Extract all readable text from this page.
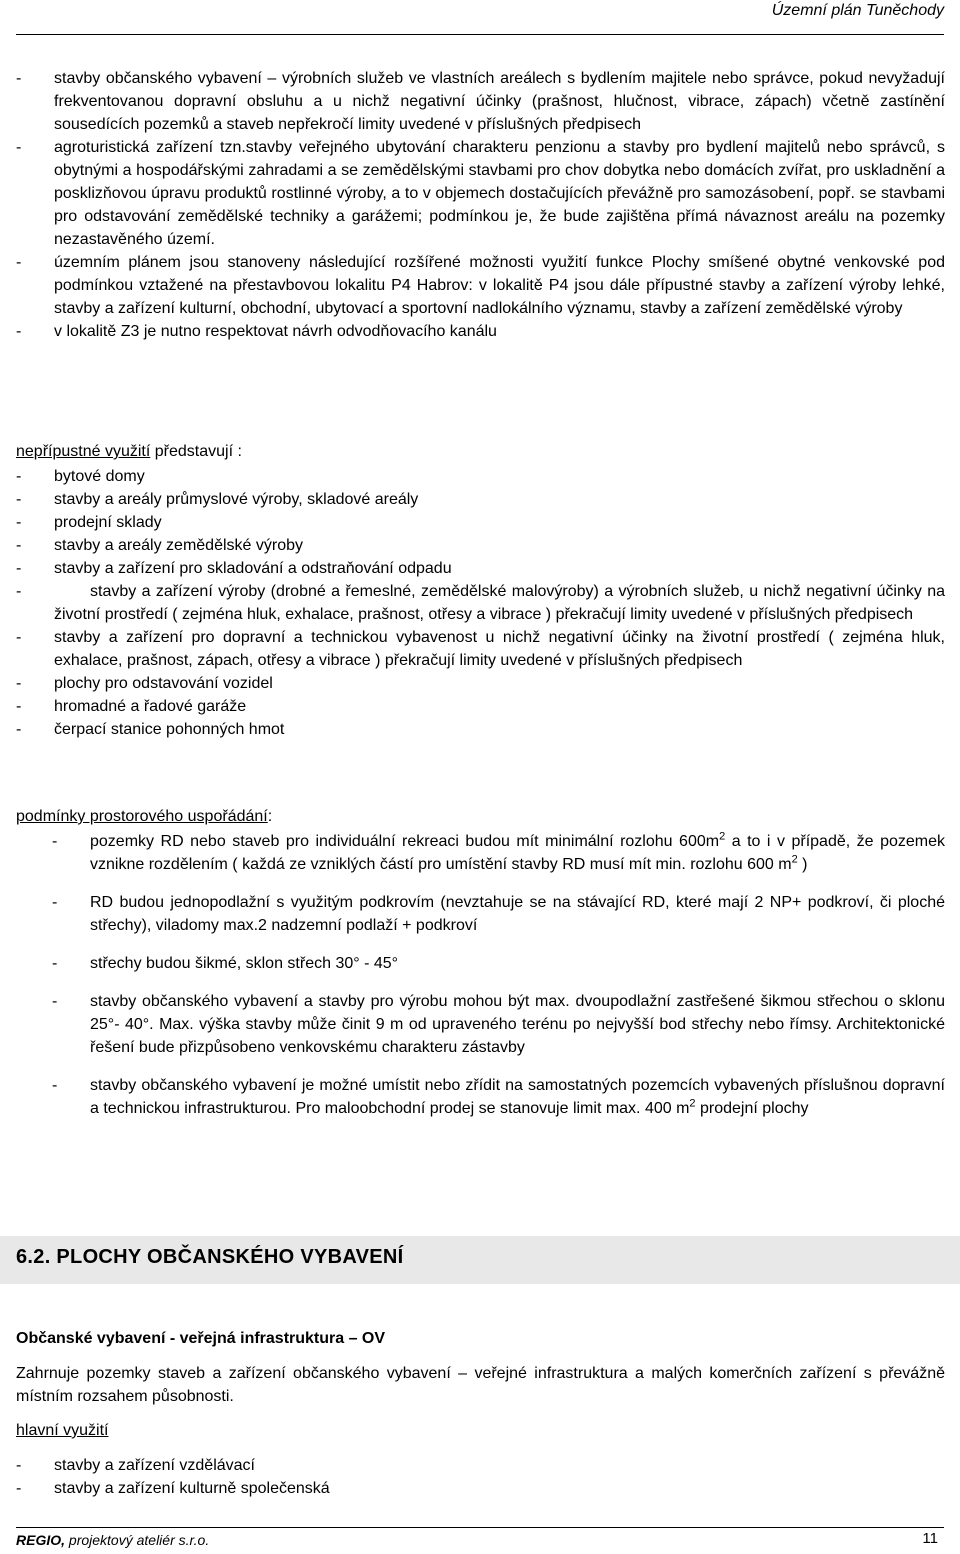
Územní plán Tuněchody
-	stavby občanského vybavení – výrobních služeb ve vlastních areálech s bydlením majitele nebo správce, pokud nevyžadují frekventovanou dopravní obsluhu a u nichž negativní účinky (prašnost, hlučnost, vibrace, zápach) včetně zastínění sousedících pozemků a staveb nepřekročí limity uvedené v příslušných předpisech
-	agroturistická zařízení tzn.stavby veřejného ubytování charakteru penzionu a stavby pro bydlení majitelů nebo správců, s obytnými a hospodářskými zahradami a se zemědělskými stavbami pro chov dobytka nebo domácích zvířat, pro uskladnění a posklizňovou úpravu produktů rostlinné výroby, a to v objemech dostačujících převážně pro samozásobení, popř. se stavbami pro odstavování zemědělské techniky a garážemi; podmínkou je, že bude zajištěna přímá návaznost areálu na pozemky nezastavěného území.
-	územním plánem jsou stanoveny následující rozšířené možnosti využití funkce Plochy smíšené obytné venkovské pod podmínkou vztažené na přestavbovou lokalitu P4 Habrov: v lokalitě P4 jsou dále přípustné stavby a zařízení výroby lehké, stavby a zařízení kulturní, obchodní, ubytovací a sportovní nadlokálního významu, stavby a zařízení zemědělské výroby
-	v lokalitě Z3 je nutno respektovat návrh odvodňovacího kanálu
nepřípustné využití představují :
-	bytové domy
-	stavby a areály průmyslové výroby, skladové areály
-	prodejní sklady
-	stavby a areály zemědělské výroby
-	stavby a zařízení pro skladování a odstraňování odpadu
-	stavby a zařízení výroby (drobné a řemeslné, zemědělské malovýroby) a výrobních služeb, u nichž negativní účinky na životní prostředí ( zejména hluk, exhalace, prašnost, otřesy a vibrace ) překračují limity uvedené v příslušných předpisech
-	stavby a zařízení pro dopravní a technickou vybavenost u nichž negativní účinky na životní prostředí ( zejména hluk, exhalace, prašnost, zápach, otřesy a vibrace ) překračují limity uvedené v příslušných předpisech
-	plochy pro odstavování vozidel
-	hromadné a řadové garáže
-	čerpací stanice pohonných hmot
podmínky prostorového uspořádání:
-	pozemky RD nebo staveb pro individuální rekreaci budou mít minimální rozlohu $600m^2$ a to i v případě, že pozemek vznikne rozdělením ( každá ze vzniklých částí pro umístění stavby RD musí mít min. rozlohu 600 $m^2$ )
-	RD budou jednopodlažní s využitým podkrovím (nevztahuje se na stávající RD, které mají 2 NP+ podkroví, či ploché střechy), viladomy max.2 nadzemní podlaží + podkroví
-	střechy budou šikmé, sklon střech 30° - 45°
-	stavby občanského vybavení a stavby pro výrobu mohou být max. dvoupodlažní zastřešené šikmou střechou o sklonu 25°- 40°. Max. výška stavby může činit 9 m od upraveného terénu po nejvyšší bod střechy nebo římsy. Architektonické řešení bude přizpůsobeno venkovskému charakteru zástavby
-	stavby občanského vybavení je možné umístit nebo zřídit na samostatných pozemcích vybavených příslušnou dopravní a technickou infrastrukturou. Pro maloobchodní prodej se stanovuje limit max. 400 $m^2$ prodejní plochy
6.2. PLOCHY OBČANSKÉHO VYBAVENÍ
Občanské vybavení - veřejná infrastruktura – OV
Zahrnuje pozemky staveb a zařízení občanského vybavení – veřejné infrastruktura a malých komerčních zařízení s převážně místním rozsahem působnosti.
hlavní využití
-	stavby a zařízení vzdělávací
-	stavby a zařízení kulturně společenská
REGIO, projektový ateliér s.r.o.	11
